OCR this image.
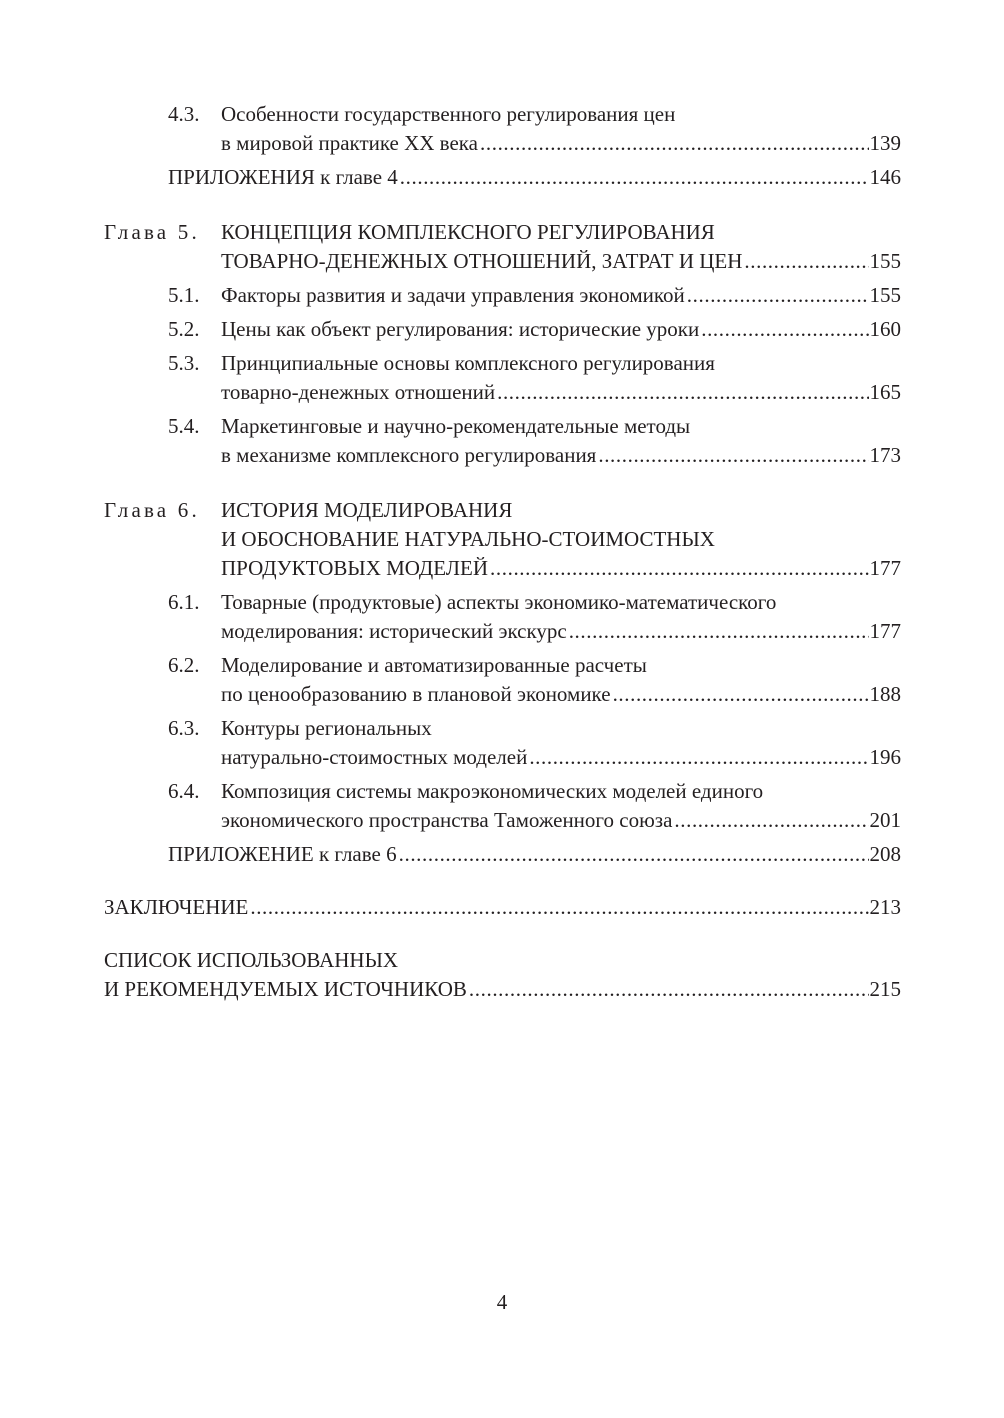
4.3.	Особенности государственного регулирования цен
в мировой практике XX века .....	139
ПРИЛОЖЕНИЯ к главе 4 .....	146
Глава 5.	КОНЦЕПЦИЯ КОМПЛЕКСНОГО РЕГУЛИРОВАНИЯ
ТОВАРНО-ДЕНЕЖНЫХ ОТНОШЕНИЙ, ЗАТРАТ И ЦЕН .....	155
5.1.	Факторы развития и задачи управления экономикой .....	155
5.2.	Цены как объект регулирования: исторические уроки .....	160
5.3.	Принципиальные основы комплексного регулирования
товарно-денежных отношений .....	165
5.4.	Маркетинговые и научно-рекомендательные методы
в механизме комплексного регулирования .....	173
Глава 6.	ИСТОРИЯ МОДЕЛИРОВАНИЯ
И ОБОСНОВАНИЕ НАТУРАЛЬНО-СТОИМОСТНЫХ
ПРОДУКТОВЫХ МОДЕЛЕЙ .....	177
6.1.	Товарные (продуктовые) аспекты экономико-математического
моделирования: исторический экскурс .....	177
6.2.	Моделирование и автоматизированные расчеты
по ценообразованию в плановой экономике .....	188
6.3.	Контуры региональных
натурально-стоимостных моделей .....	196
6.4.	Композиция системы макроэкономических моделей единого
экономического пространства Таможенного союза .....	201
ПРИЛОЖЕНИЕ к главе 6 .....	208
ЗАКЛЮЧЕНИЕ .....	213
СПИСОК ИСПОЛЬЗОВАННЫХ
И РЕКОМЕНДУЕМЫХ ИСТОЧНИКОВ .....	215
4
